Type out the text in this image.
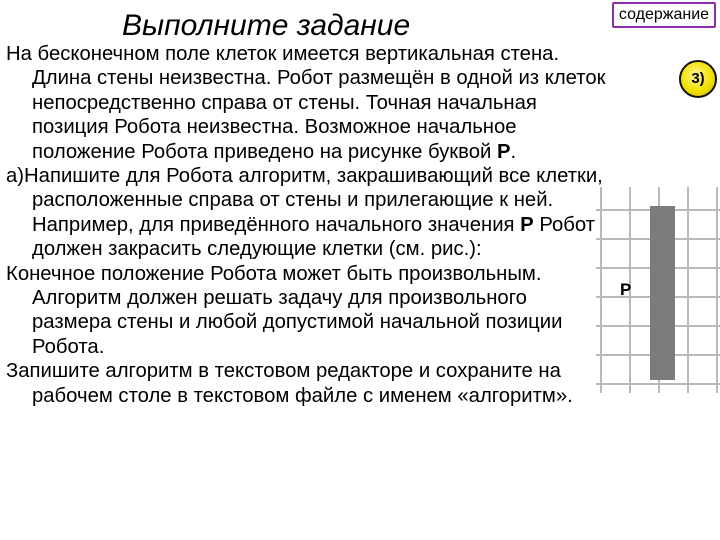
Выполните задание	содержание
3)

На бесконечном поле клеток имеется вертикальная стена. Длина стены неизвестна. Робот размещён в одной из клеток непосредственно справа от стены. Точная начальная позиция Робота неизвестна. Возможное начальное положение Робота приведено на рисунке буквой Р.

а)Напишите для Робота алгоритм, закрашивающий все клетки, расположенные справа от стены и прилегающие к ней. Например, для приведённого начального значения Р Робот должен закрасить следующие клетки (см. рис.):

Конечное положение Робота может быть произвольным. Алгоритм должен решать задачу для произвольного размера стены и любой допустимой начальной позиции Робота.

Запишите алгоритм в текстовом редакторе и сохраните на рабочем столе в текстовом файле с именем «алгоритм».

Р
